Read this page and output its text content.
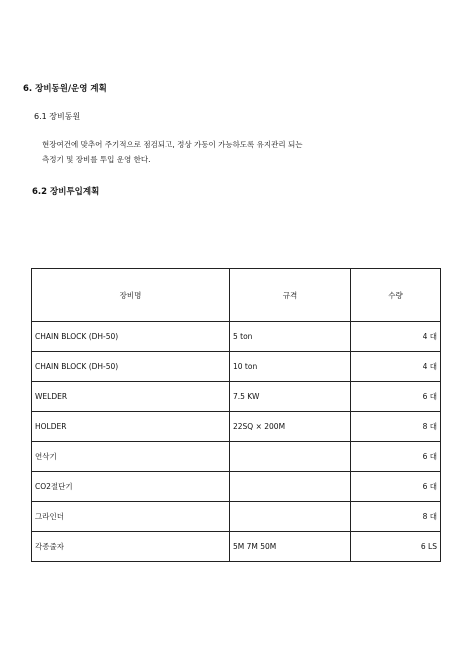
6. 장비동원/운영 계획
6.1 장비동원
현장여건에 맞추어 주기적으로 점검되고, 정상 가동이 가능하도록 유지관리 되는
측정기 및 장비를 투입 운영 한다.
6.2 장비투입계획
장비명	규격	수량
CHAIN BLOCK (DH-50)	5 ton	4 대
CHAIN BLOCK (DH-50)	10 ton	4 대
WELDER	7.5 KW	6 대
HOLDER	22SQ × 200M	8 대
연삭기		6 대
CO2절단기		6 대
그라인더		8 대
각종줄자	5M 7M 50M	6 LS
